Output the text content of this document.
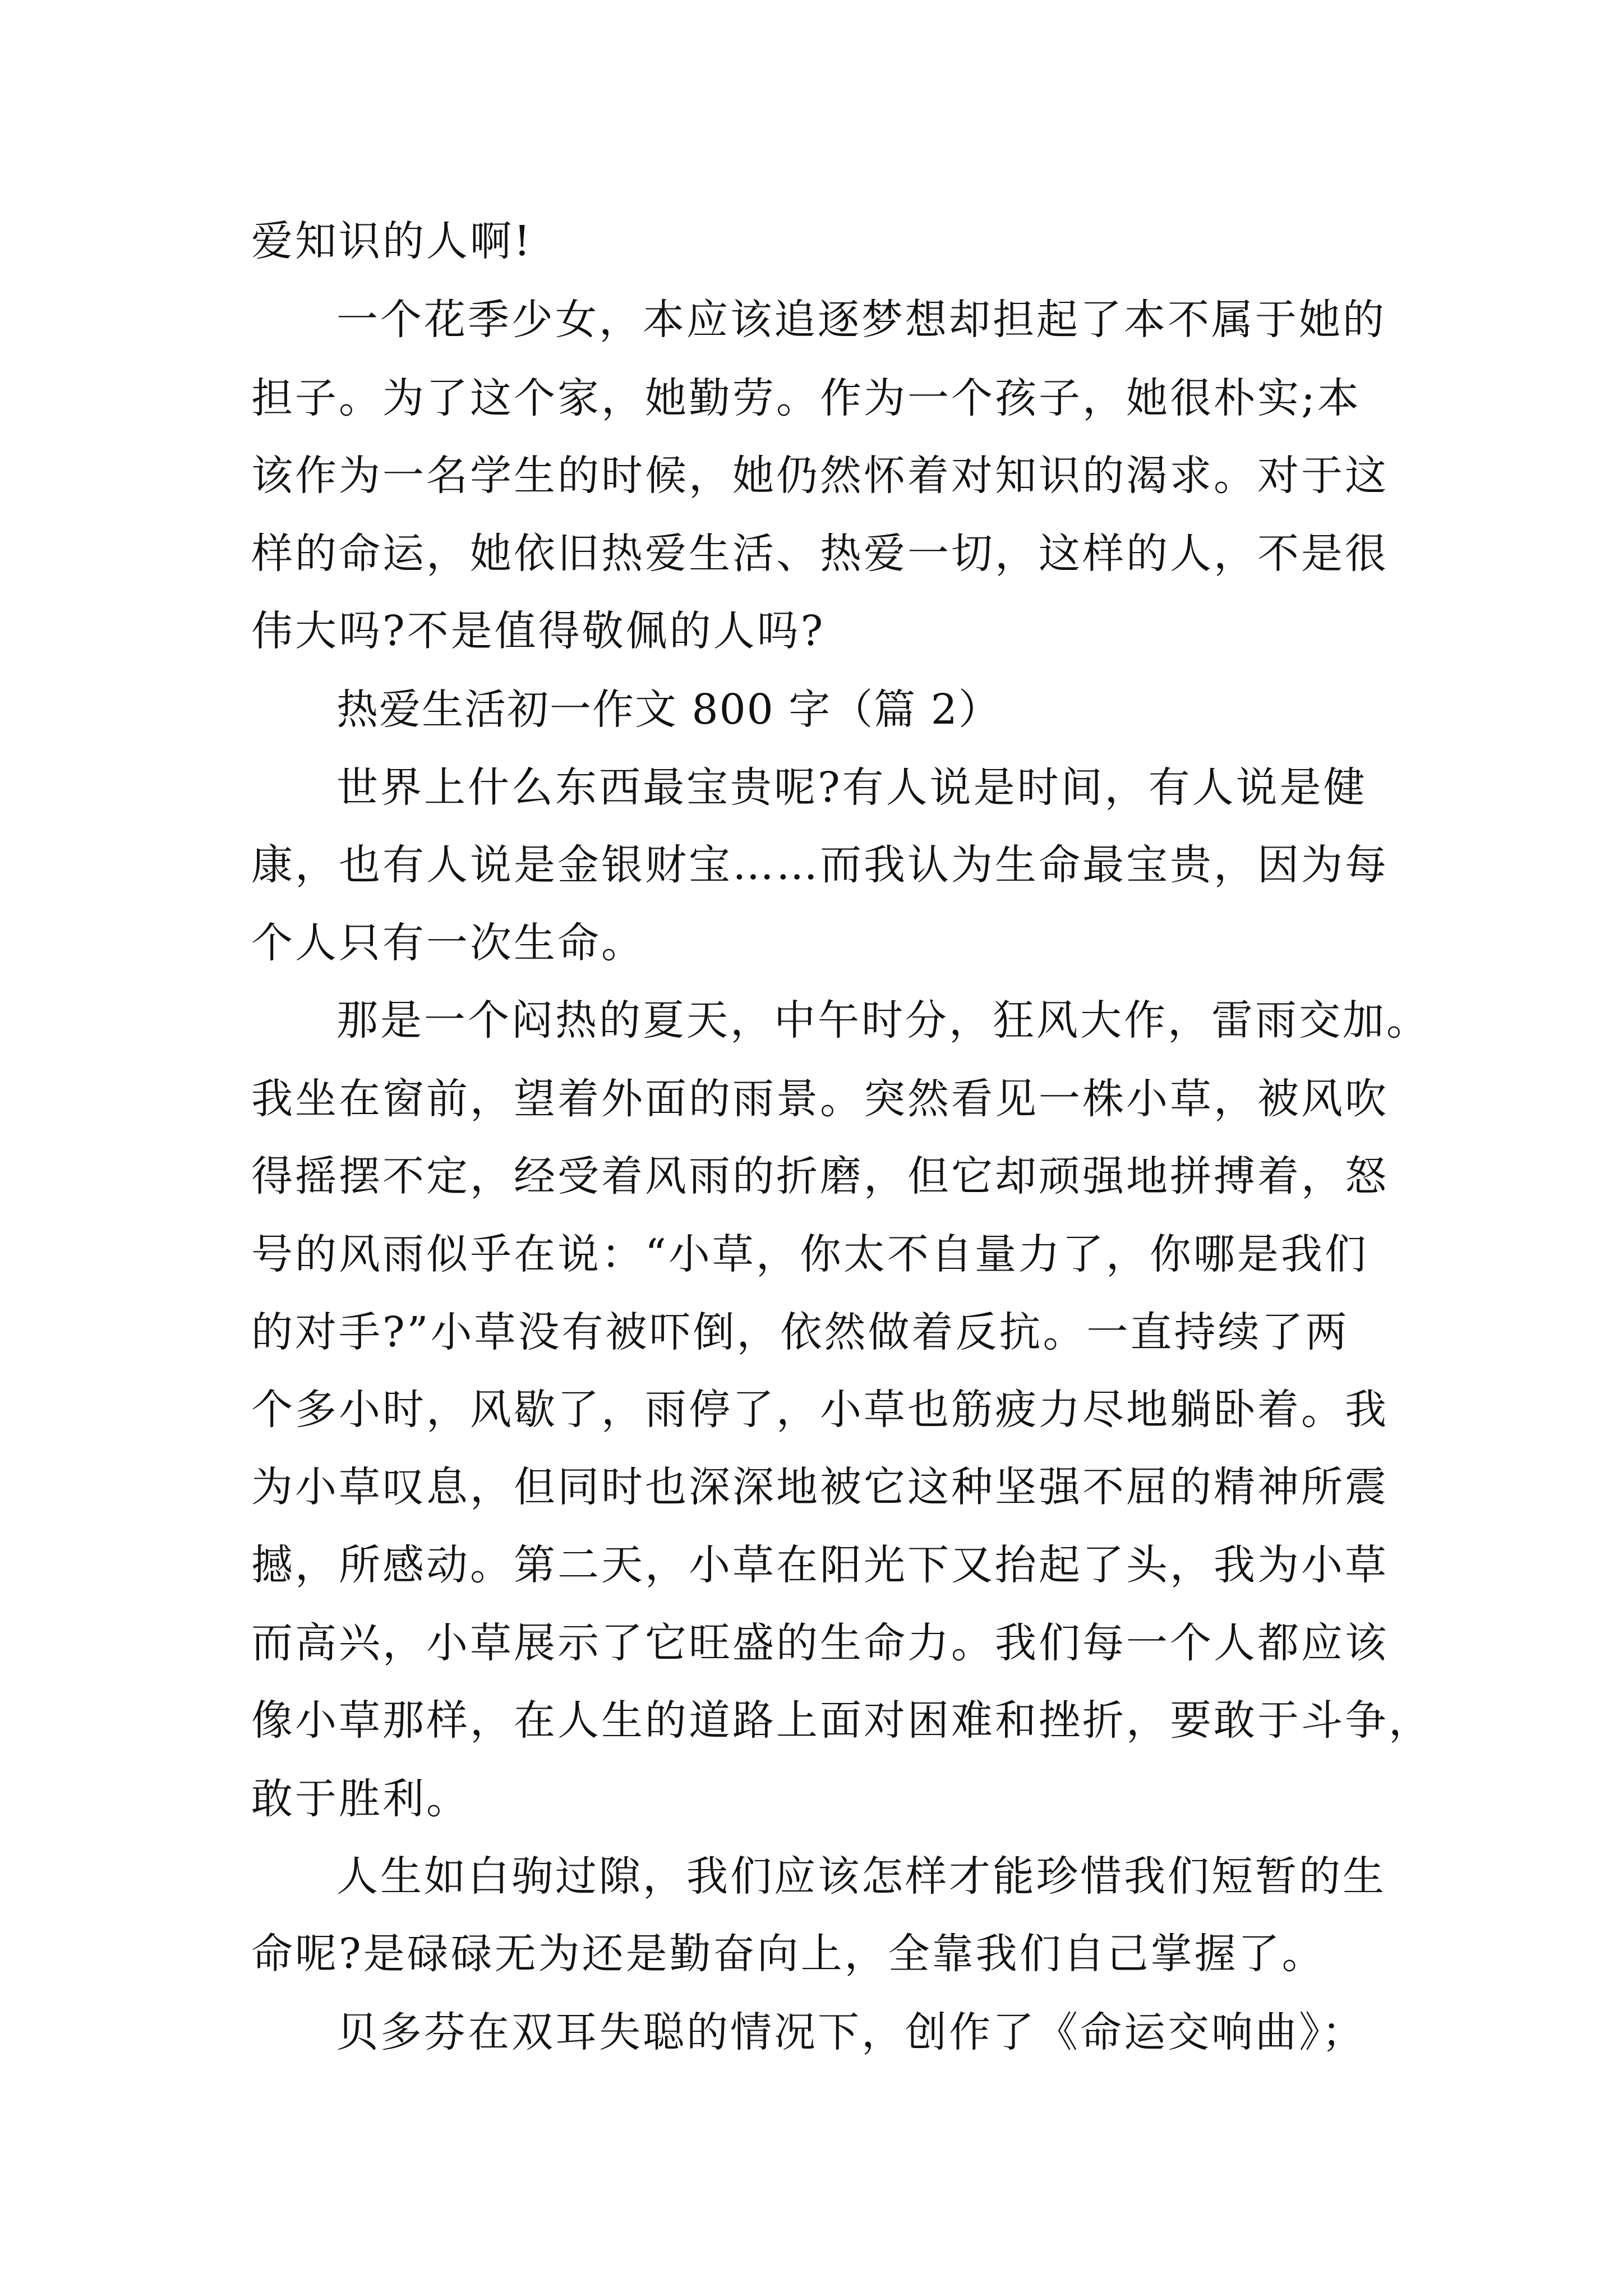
爱知识的人啊!
一个花季少女，本应该追逐梦想却担起了本不属于她的
担子。为了这个家，她勤劳。作为一个孩子，她很朴实;本
该作为一名学生的时候，她仍然怀着对知识的渴求。对于这
样的命运，她依旧热爱生活、热爱一切，这样的人，不是很
伟大吗?不是值得敬佩的人吗?
热爱生活初一作文 800 字（篇 2）
世界上什么东西最宝贵呢?有人说是时间，有人说是健
康，也有人说是金银财宝……而我认为生命最宝贵，因为每
个人只有一次生命。
那是一个闷热的夏天，中午时分，狂风大作，雷雨交加。
我坐在窗前，望着外面的雨景。突然看见一株小草，被风吹
得摇摆不定，经受着风雨的折磨，但它却顽强地拼搏着，怒
号的风雨似乎在说：“小草，你太不自量力了，你哪是我们
的对手?”小草没有被吓倒，依然做着反抗。一直持续了两
个多小时，风歇了，雨停了，小草也筋疲力尽地躺卧着。我
为小草叹息，但同时也深深地被它这种坚强不屈的精神所震
撼，所感动。第二天，小草在阳光下又抬起了头，我为小草
而高兴，小草展示了它旺盛的生命力。我们每一个人都应该
像小草那样，在人生的道路上面对困难和挫折，要敢于斗争，
敢于胜利。
人生如白驹过隙，我们应该怎样才能珍惜我们短暂的生
命呢?是碌碌无为还是勤奋向上，全靠我们自己掌握了。
贝多芬在双耳失聪的情况下，创作了《命运交响曲》；
